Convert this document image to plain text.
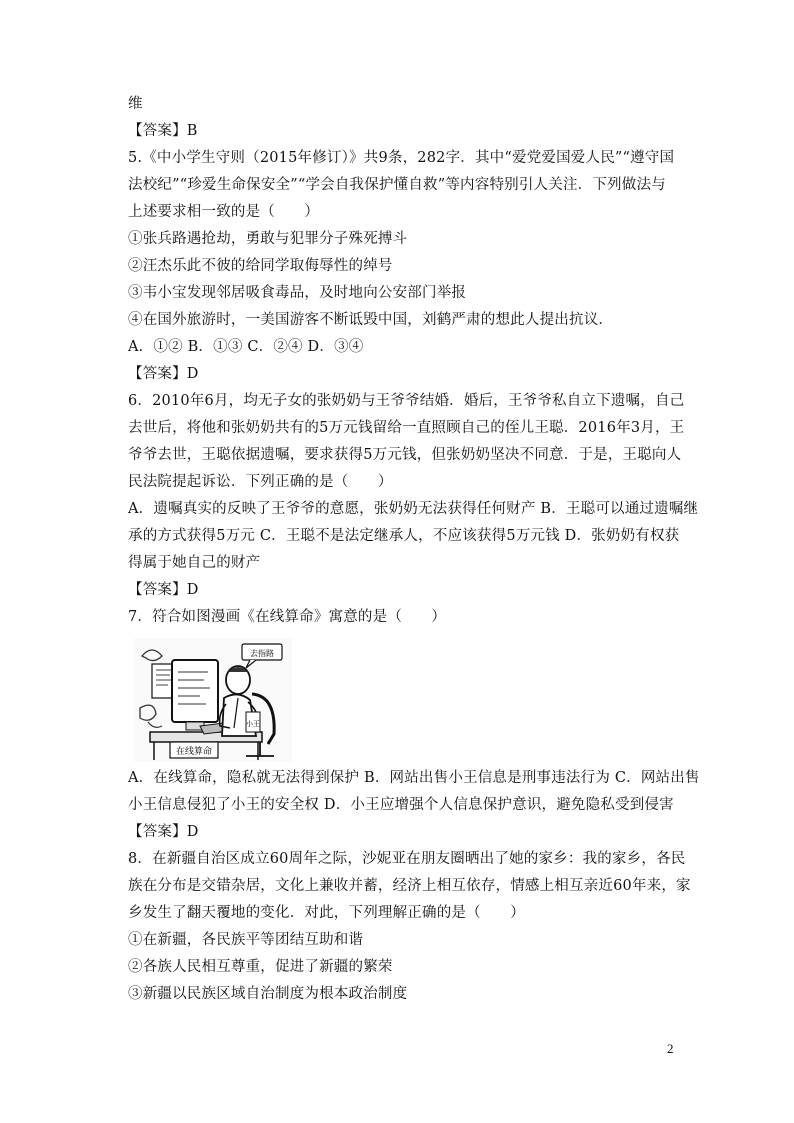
维
【答案】B
5.《中小学生守则（2015年修订）》共9条，282字．其中“爱党爱国爱人民”“遵守国
法校纪”“珍爱生命保安全”“学会自我保护懂自救”等内容特别引人关注．下列做法与
上述要求相一致的是（　　）
①张兵路遇抢劫，勇敢与犯罪分子殊死搏斗
②汪杰乐此不彼的给同学取侮辱性的绰号
③韦小宝发现邻居吸食毒品，及时地向公安部门举报
④在国外旅游时，一美国游客不断诋毁中国，刘鹤严肃的想此人提出抗议．
A．①② B．①③ C．②④ D．③④
【答案】D
6．2010年6月，均无子女的张奶奶与王爷爷结婚．婚后，王爷爷私自立下遗嘱，自己
去世后，将他和张奶奶共有的5万元钱留给一直照顾自己的侄儿王聪．2016年3月，王
爷爷去世，王聪依据遗嘱，要求获得5万元钱，但张奶奶坚决不同意．于是，王聪向人
民法院提起诉讼．下列正确的是（　　）
A．遗嘱真实的反映了王爷爷的意愿，张奶奶无法获得任何财产 B．王聪可以通过遗嘱继
承的方式获得5万元 C．王聪不是法定继承人，不应该获得5万元钱 D．张奶奶有权获
得属于她自己的财产
【答案】D
7．符合如图漫画《在线算命》寓意的是（　　）
在线算命
小王
去指路
A．在线算命，隐私就无法得到保护 B．网站出售小王信息是刑事违法行为 C．网站出售
小王信息侵犯了小王的安全权 D．小王应增强个人信息保护意识，避免隐私受到侵害
【答案】D
8．在新疆自治区成立60周年之际，沙妮亚在朋友圈晒出了她的家乡：我的家乡，各民
族在分布是交错杂居，文化上兼收并蓄，经济上相互依存，情感上相互亲近60年来，家
乡发生了翻天覆地的变化．对此，下列理解正确的是（　　）
①在新疆，各民族平等团结互助和谐
②各族人民相互尊重，促进了新疆的繁荣
③新疆以民族区域自治制度为根本政治制度
2
